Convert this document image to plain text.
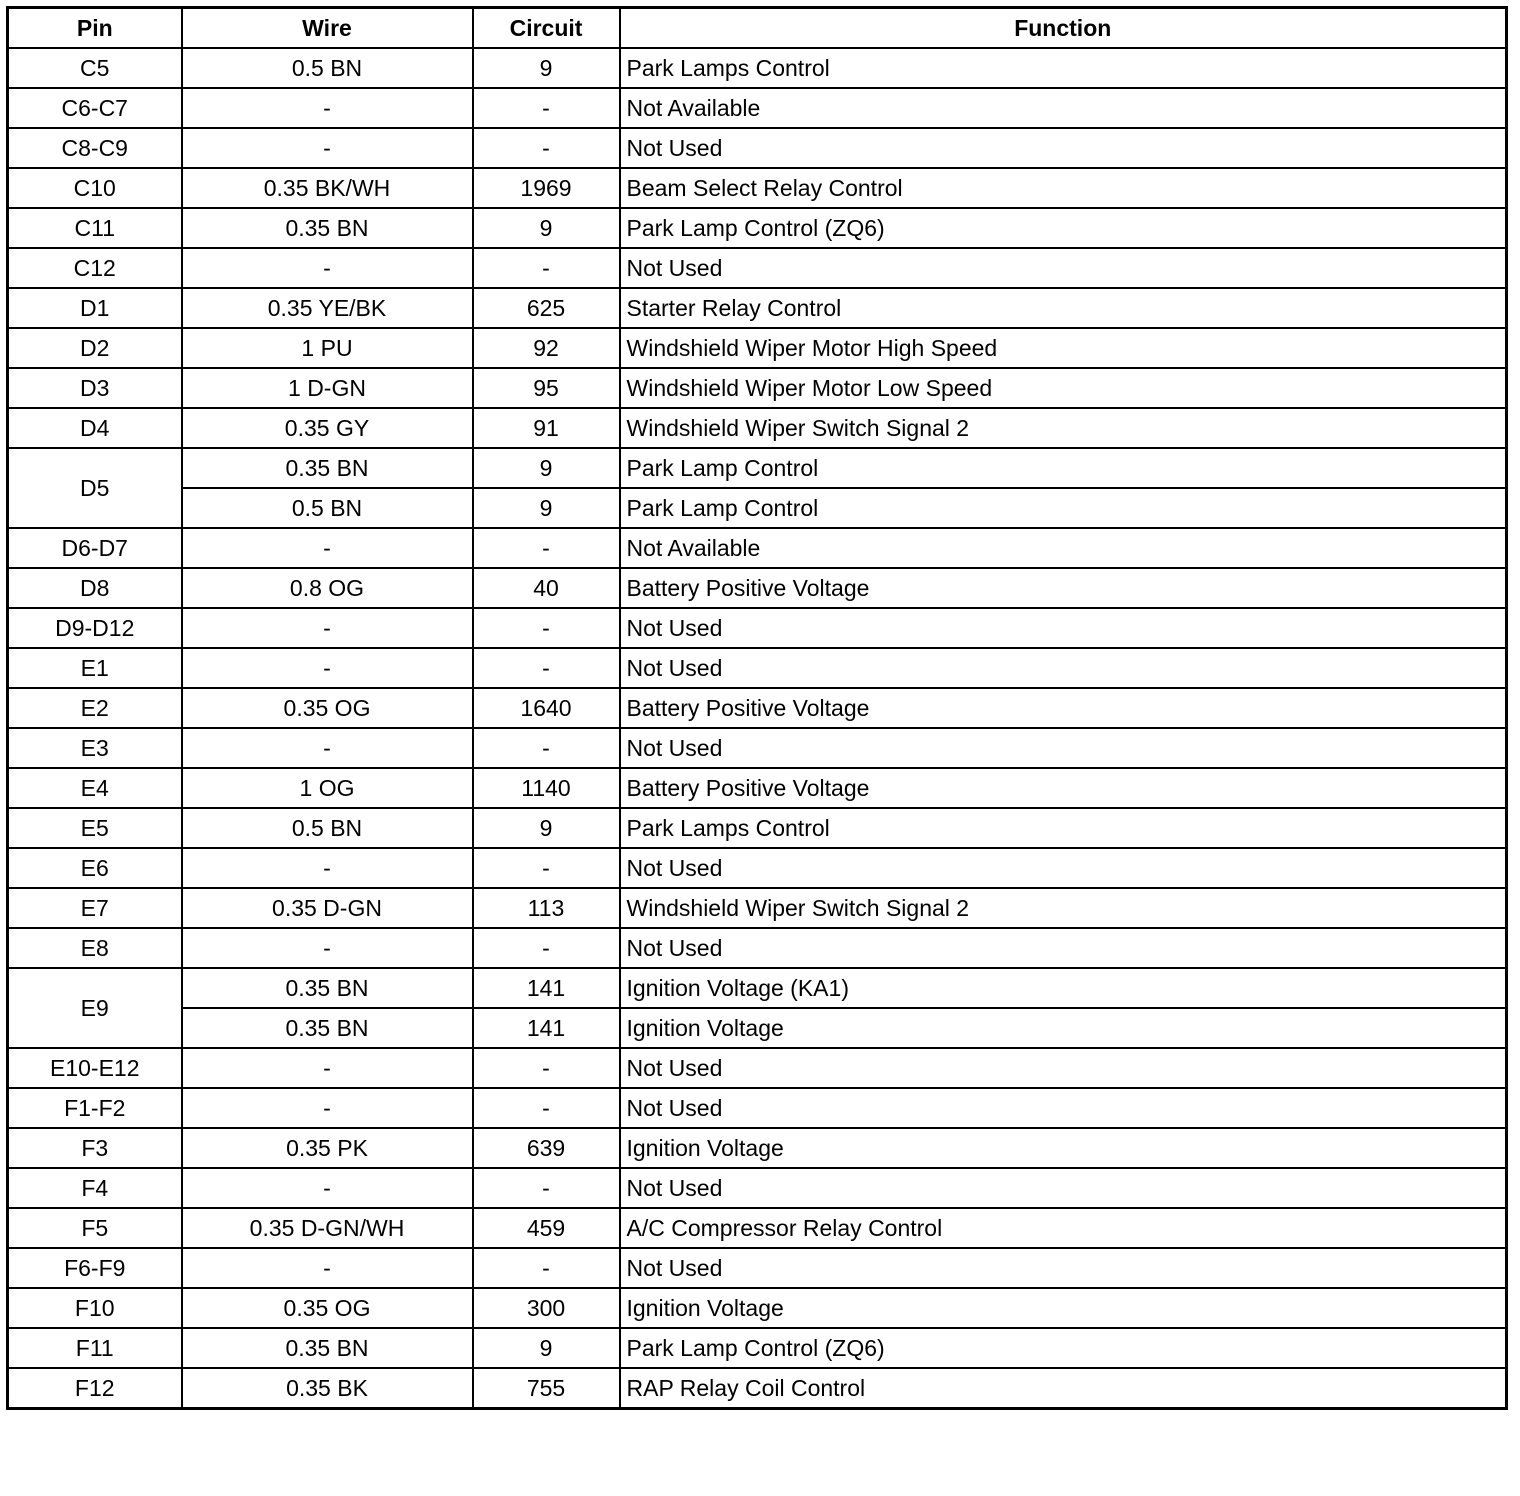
Pin	Wire	Circuit	Function
C5	0.5 BN	9	Park Lamps Control
C6-C7	-	-	Not Available
C8-C9	-	-	Not Used
C10	0.35 BK/WH	1969	Beam Select Relay Control
C11	0.35 BN	9	Park Lamp Control (ZQ6)
C12	-	-	Not Used
D1	0.35 YE/BK	625	Starter Relay Control
D2	1 PU	92	Windshield Wiper Motor High Speed
D3	1 D-GN	95	Windshield Wiper Motor Low Speed
D4	0.35 GY	91	Windshield Wiper Switch Signal 2
D5	0.35 BN	9	Park Lamp Control
	0.5 BN	9	Park Lamp Control
D6-D7	-	-	Not Available
D8	0.8 OG	40	Battery Positive Voltage
D9-D12	-	-	Not Used
E1	-	-	Not Used
E2	0.35 OG	1640	Battery Positive Voltage
E3	-	-	Not Used
E4	1 OG	1140	Battery Positive Voltage
E5	0.5 BN	9	Park Lamps Control
E6	-	-	Not Used
E7	0.35 D-GN	113	Windshield Wiper Switch Signal 2
E8	-	-	Not Used
E9	0.35 BN	141	Ignition Voltage (KA1)
	0.35 BN	141	Ignition Voltage
E10-E12	-	-	Not Used
F1-F2	-	-	Not Used
F3	0.35 PK	639	Ignition Voltage
F4	-	-	Not Used
F5	0.35 D-GN/WH	459	A/C Compressor Relay Control
F6-F9	-	-	Not Used
F10	0.35 OG	300	Ignition Voltage
F11	0.35 BN	9	Park Lamp Control (ZQ6)
F12	0.35 BK	755	RAP Relay Coil Control
